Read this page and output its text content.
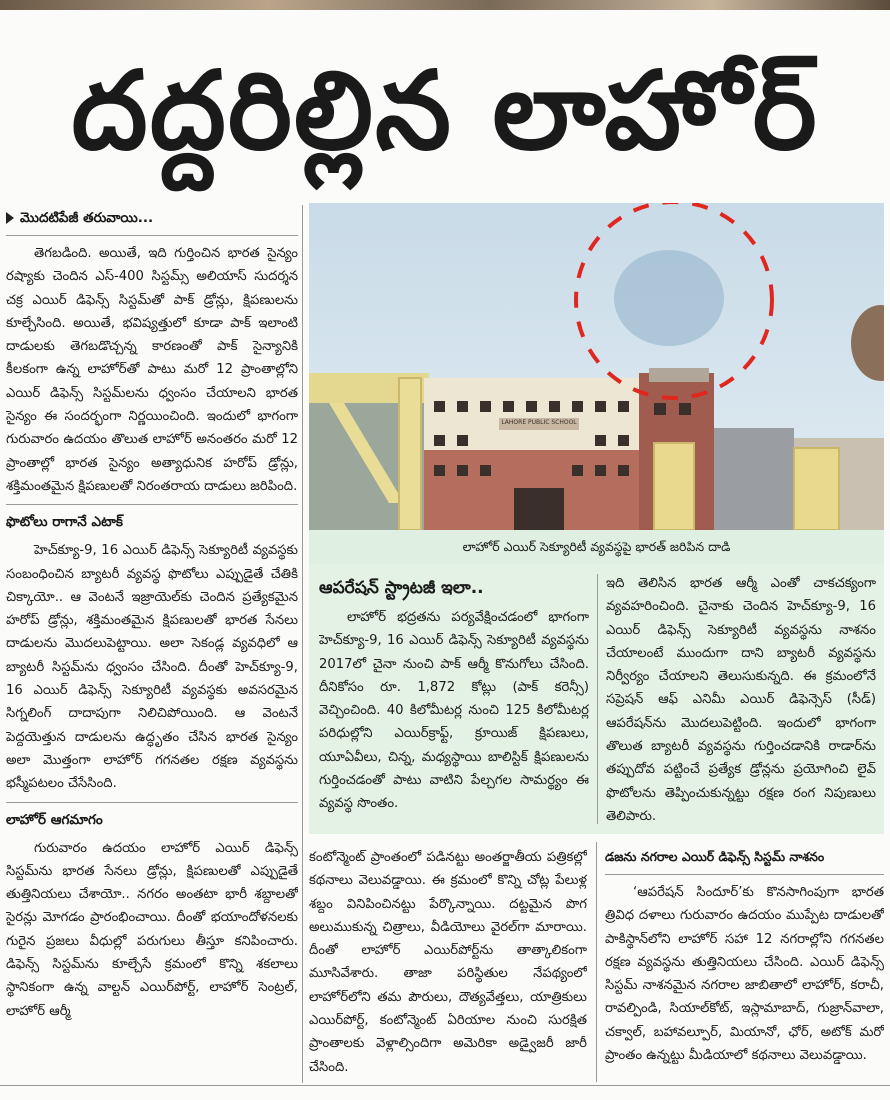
దద్దరిల్లిన లాహోర్
మొదటిపేజీ తరువాయి...

తెగబడింది. అయితే, ఇది గుర్తించిన భారత సైన్యం రష్యాకు చెందిన ఎస్‌-400 సిస్టమ్స్‌ అలియాస్‌ సుదర్శన చక్ర ఎయిర్‌ డిఫెన్స్‌ సిస్టమ్‌తో పాక్‌ డ్రోన్లు, క్షిపణులను కూల్చేసింది. అయితే, భవిష్యత్తులో కూడా పాక్‌ ఇలాంటి దాడులకు తెగబడొచ్చన్న కారణంతో పాక్‌ సైన్యానికి కీలకంగా ఉన్న లాహోర్‌తో పాటు మరో 12 ప్రాంతాల్లోని ఎయిర్‌ డిఫెన్స్‌ సిస్టమ్‌లను ధ్వంసం చేయాలని భారత సైన్యం ఈ సందర్భంగా నిర్ణయించింది. ఇందులో భాగంగా గురువారం ఉదయం తొలుత లాహోర్‌ అనంతరం మరో 12 ప్రాంతాల్లో భారత సైన్యం అత్యాధునిక హరోప్‌ డ్రోన్లు, శక్తిమంతమైన క్షిపణులతో నిరంతరాయ దాడులు జరిపింది.

ఫొటోలు రాగానే ఎటాక్‌

హెచ్‌క్యూ-9, 16 ఎయిర్‌ డిఫెన్స్‌ సెక్యూరిటీ వ్యవస్థకు సంబంధించిన బ్యాటరీ వ్యవస్థ ఫొటోలు ఎప్పుడైతే చేతికి చిక్కాయో.. ఆ వెంటనే ఇజ్రాయెల్‌కు చెందిన ప్రత్యేకమైన హరోప్‌ డ్రోన్లు, శక్తిమంతమైన క్షిపణులతో భారత సేనలు దాడులను మొదలుపెట్టాయి. అలా సెకండ్ల వ్యవధిలో ఆ బ్యాటరీ సిస్టమ్‌ను ధ్వంసం చేసింది. దీంతో హెచ్‌క్యూ-9, 16 ఎయిర్‌ డిఫెన్స్‌ సెక్యూరిటీ వ్యవస్థకు అవసరమైన సిగ్నలింగ్‌ దాదాపుగా నిలిచిపోయింది. ఆ వెంటనే పెద్దయెత్తున దాడులను ఉద్ధృతం చేసిన భారత సైన్యం అలా మొత్తంగా లాహోర్‌ గగనతల రక్షణ వ్యవస్థను భస్మీపటలం చేసేసింది.

లాహోర్‌ ఆగమాగం

గురువారం ఉదయం లాహోర్‌ ఎయిర్‌ డిఫెన్స్‌ సిస్టమ్‌ను భారత సేనలు డ్రోన్లు, క్షిపణులతో ఎప్పుడైతే తుత్తినియలు చేశాయో.. నగరం అంతటా భారీ శబ్దాలతో సైరన్లు మోగడం ప్రారంభించాయి. దీంతో భయాందోళనలకు గురైన ప్రజలు వీధుల్లో పరుగులు తీస్తూ కనిపించారు. డిఫెన్స్‌ సిస్టమ్‌ను కూల్చేసే క్రమంలో కొన్ని శకలాలు స్థానికంగా ఉన్న వాల్టన్‌ ఎయిర్‌పోర్ట్‌, లాహోర్‌ సెంట్రల్‌, లాహోర్‌ ఆర్మీ

LAHORE PUBLIC SCHOOL
లాహోర్‌ ఎయిర్‌ సెక్యూరిటీ వ్యవస్థపై భారత్‌ జరిపిన దాడి
ఆపరేషన్‌ స్ట్రాటజీ ఇలా..

లాహోర్‌ భద్రతను పర్యవేక్షించడంలో భాగంగా హెచ్‌క్యూ-9, 16 ఎయిర్‌ డిఫెన్స్‌ సెక్యూరిటీ వ్యవస్థను 2017లో చైనా నుంచి పాక్‌ ఆర్మీ కొనుగోలు చేసింది. దీనికోసం రూ. 1,872 కోట్లు (పాక్‌ కరెన్సీ) వెచ్చించింది. 40 కిలోమీటర్ల నుంచి 125 కిలోమీటర్ల పరిధుల్లోని ఎయిర్‌క్రాఫ్ట్‌, క్రూయిజ్‌ క్షిపణులు, యూఏవీలు, చిన్న, మధ్యస్థాయి బాలిస్టిక్‌ క్షిపణులను గుర్తించడంతో పాటు వాటిని పేల్చగల సామర్థ్యం ఈ వ్యవస్థ సొంతం.

ఇది తెలిసిన భారత ఆర్మీ ఎంతో చాకచక్యంగా వ్యవహరించింది. చైనాకు చెందిన హెచ్‌క్యూ-9, 16 ఎయిర్‌ డిఫెన్స్‌ సెక్యూరిటీ వ్యవస్థను నాశనం చేయాలంటే ముందుగా దాని బ్యాటరీ వ్యవస్థను నిర్వీర్యం చేయాలని తెలుసుకున్నది. ఈ క్రమంలోనే సప్రెషన్‌ ఆఫ్‌ ఎనిమీ ఎయిర్‌ డిఫెన్సెస్‌ (సీడ్‌) ఆపరేషన్‌ను మొదలుపెట్టింది. ఇందులో భాగంగా తొలుత బ్యాటరీ వ్యవస్థను గుర్తించడానికి రాడార్‌ను తప్పుదోవ పట్టించే ప్రత్యేక డ్రోన్లను ప్రయోగించి లైవ్‌ ఫొటోలను తెప్పించుకున్నట్టు రక్షణ రంగ నిపుణులు తెలిపారు.

కంటోన్మెంట్‌ ప్రాంతంలో పడినట్టు అంతర్జాతీయ పత్రికల్లో కథనాలు వెలువడ్డాయి. ఈ క్రమంలో కొన్ని చోట్ల పేలుళ్ల శబ్దం వినిపించినట్టు పేర్కొన్నాయి. దట్టమైన పొగ అలుముకున్న చిత్రాలు, వీడియోలు వైరల్‌గా మారాయి. దీంతో లాహోర్‌ ఎయిర్‌పోర్ట్‌ను తాత్కాలికంగా మూసివేశారు. తాజా పరిస్థితుల నేపథ్యంలో లాహోర్‌లోని తమ పౌరులు, దౌత్యవేత్తలు, యాత్రికులు ఎయిర్‌పోర్ట్‌, కంటోన్మెంట్‌ ఏరియాల నుంచి సురక్షిత ప్రాంతాలకు వెళ్లాల్సిందిగా అమెరికా అడ్వైజరీ జారీ చేసింది.

డజను నగరాల ఎయిర్‌ డిఫెన్స్‌ సిస్టమ్‌ నాశనం

‘ఆపరేషన్‌ సిందూర్‌’కు కొనసాగింపుగా భారత త్రివిధ దళాలు గురువారం ఉదయం ముప్పేట దాడులతో పాకిస్థాన్‌లోని లాహోర్‌ సహా 12 నగరాల్లోని గగనతల రక్షణ వ్యవస్థను తుత్తినియలు చేసింది. ఎయిర్‌ డిఫెన్స్‌ సిస్టమ్‌ నాశనమైన నగరాల జాబితాలో లాహోర్‌, కరాచీ, రావల్పిండి, సియాల్‌కోట్‌, ఇస్లామాబాద్‌, గుజ్రాన్‌వాలా, చక్వాల్‌, బహావల్పూర్‌, మియానో, ఛోర్‌, అటోక్‌ మరో ప్రాంతం ఉన్నట్టు మీడియాలో కథనాలు వెలువడ్డాయి.
